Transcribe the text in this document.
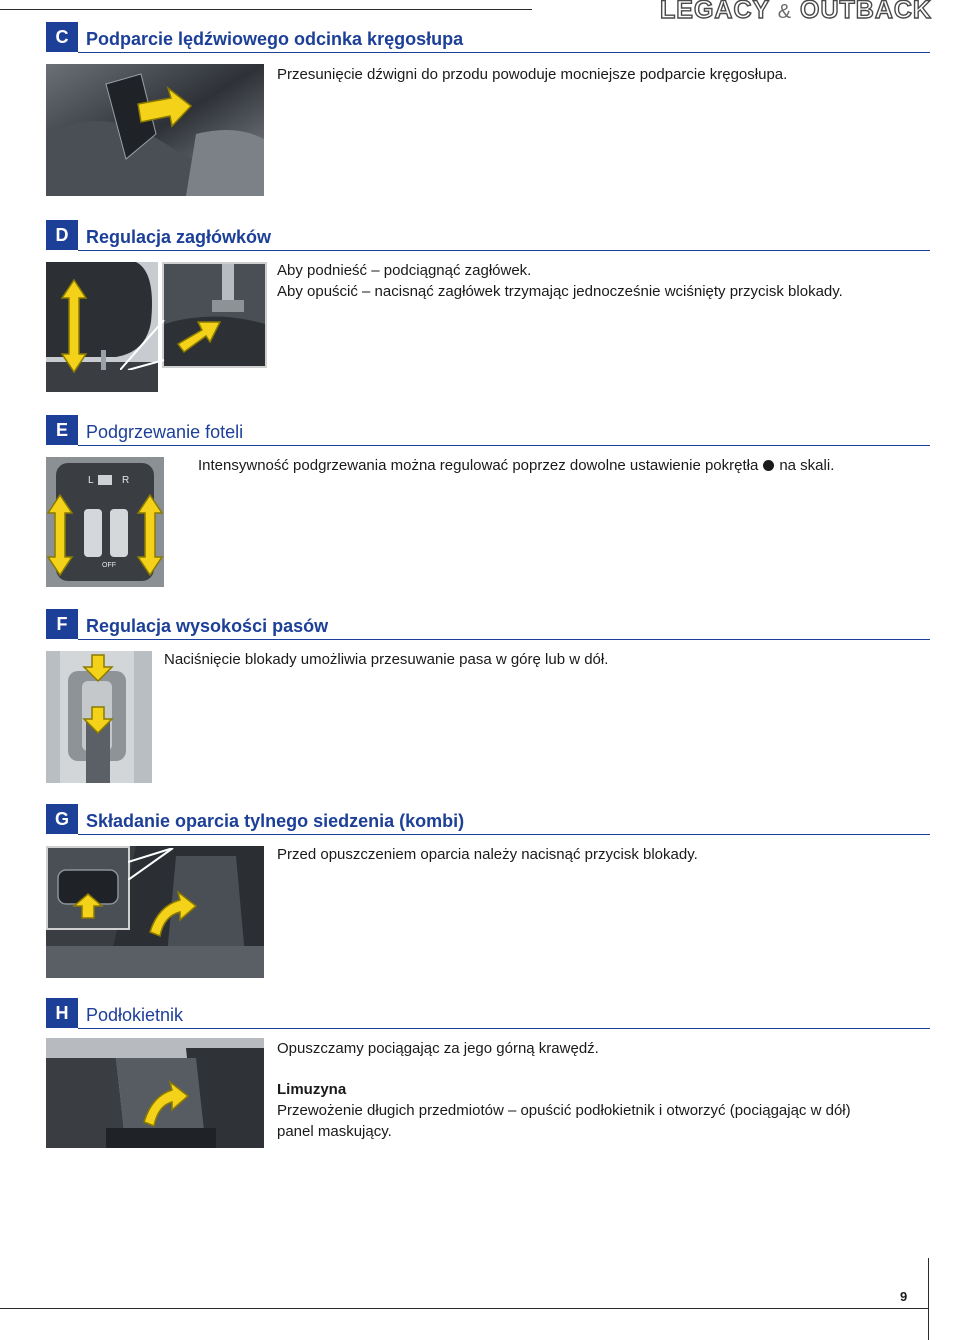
LEGACY & OUTBACK
C Podparcie lędźwiowego odcinka kręgosłupa
Przesunięcie dźwigni do przodu powoduje mocniejsze podparcie kręgosłupa.
D Regulacja zagłówków
Aby podnieść – podciągnąć zagłówek.
Aby opuścić – nacisnąć zagłówek trzymając jednocześnie wciśnięty przycisk blokady.
E	Podgrzewanie foteli
L	R
OFF
Intensywność podgrzewania można regulować poprzez dowolne ustawienie pokrętła na skali.
F	Regulacja wysokości pasów
Naciśnięcie blokady umożliwia przesuwanie pasa w górę lub w dół.
G Składanie oparcia tylnego siedzenia (kombi)
Przed opuszczeniem oparcia należy nacisnąć przycisk blokady.
H Podłokietnik
Opuszczamy pociągając za jego górną krawędź.
Limuzyna
Przewożenie długich przedmiotów – opuścić podłokietnik i otworzyć (pociągając w dół)
panel maskujący.
9
